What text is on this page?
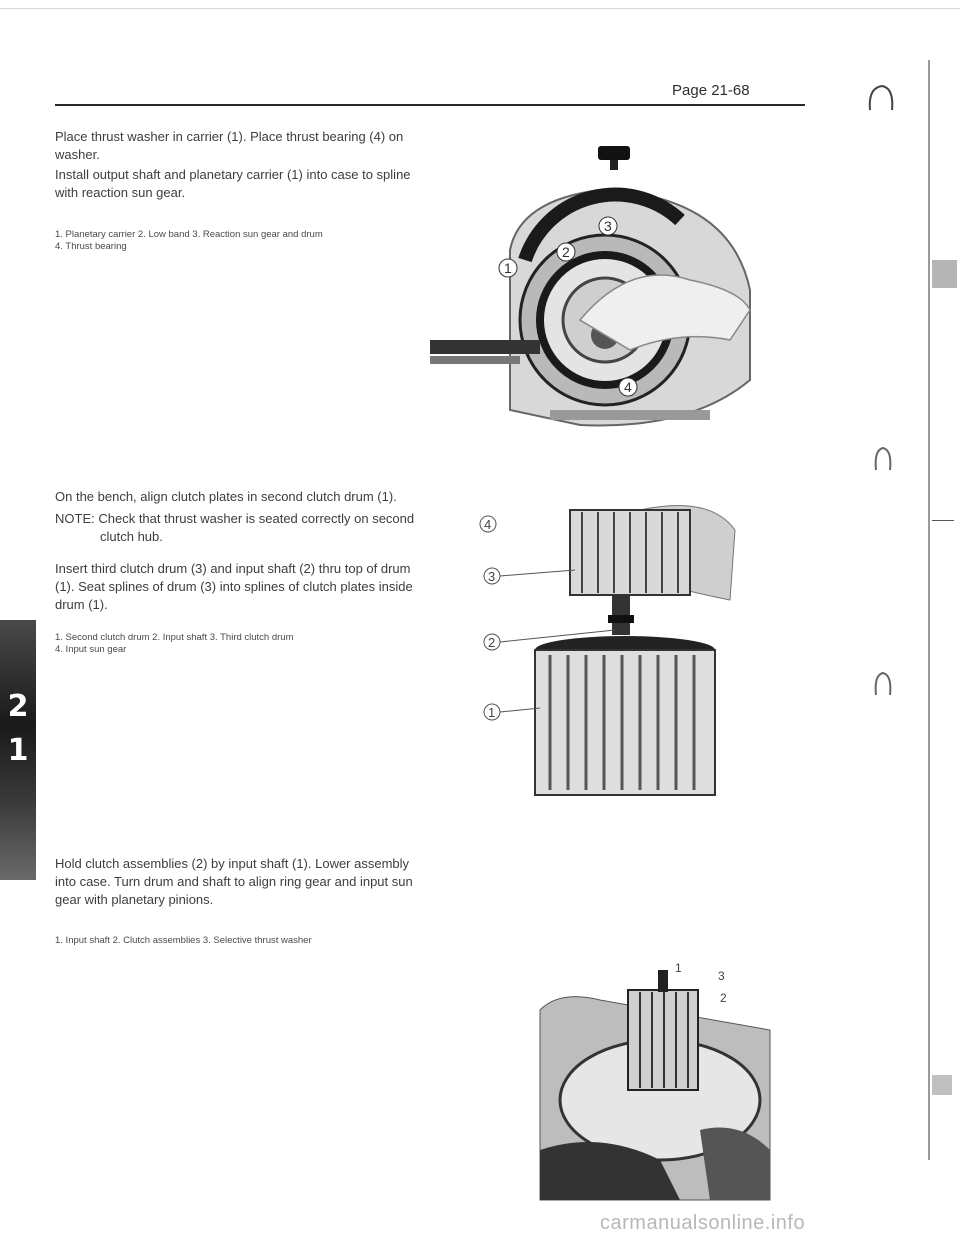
Page 21-68
Place thrust washer in carrier (1). Place thrust bearing (4) on washer.
Install output shaft and planetary carrier (1) into case to spline with reaction sun gear.
1. Planetary carrier 2. Low band 3. Reaction sun gear and drum
4. Thrust bearing
3
2
1
4
On the bench, align clutch plates in second clutch drum (1).
NOTE: Check that thrust washer is seated correctly on second
clutch hub.
Insert third clutch drum (3) and input shaft (2) thru top of drum (1). Seat splines of drum (3) into splines of clutch plates inside drum (1).
1. Second clutch drum 2. Input shaft 3. Third clutch drum
4. Input sun gear
4
3
2
1
Hold clutch assemblies (2) by input shaft (1). Lower assembly into case. Turn drum and shaft to align ring gear and input sun gear with planetary pinions.
1. Input shaft 2. Clutch assemblies 3. Selective thrust washer
1
3
2
2
1
carmanualsonline.info
